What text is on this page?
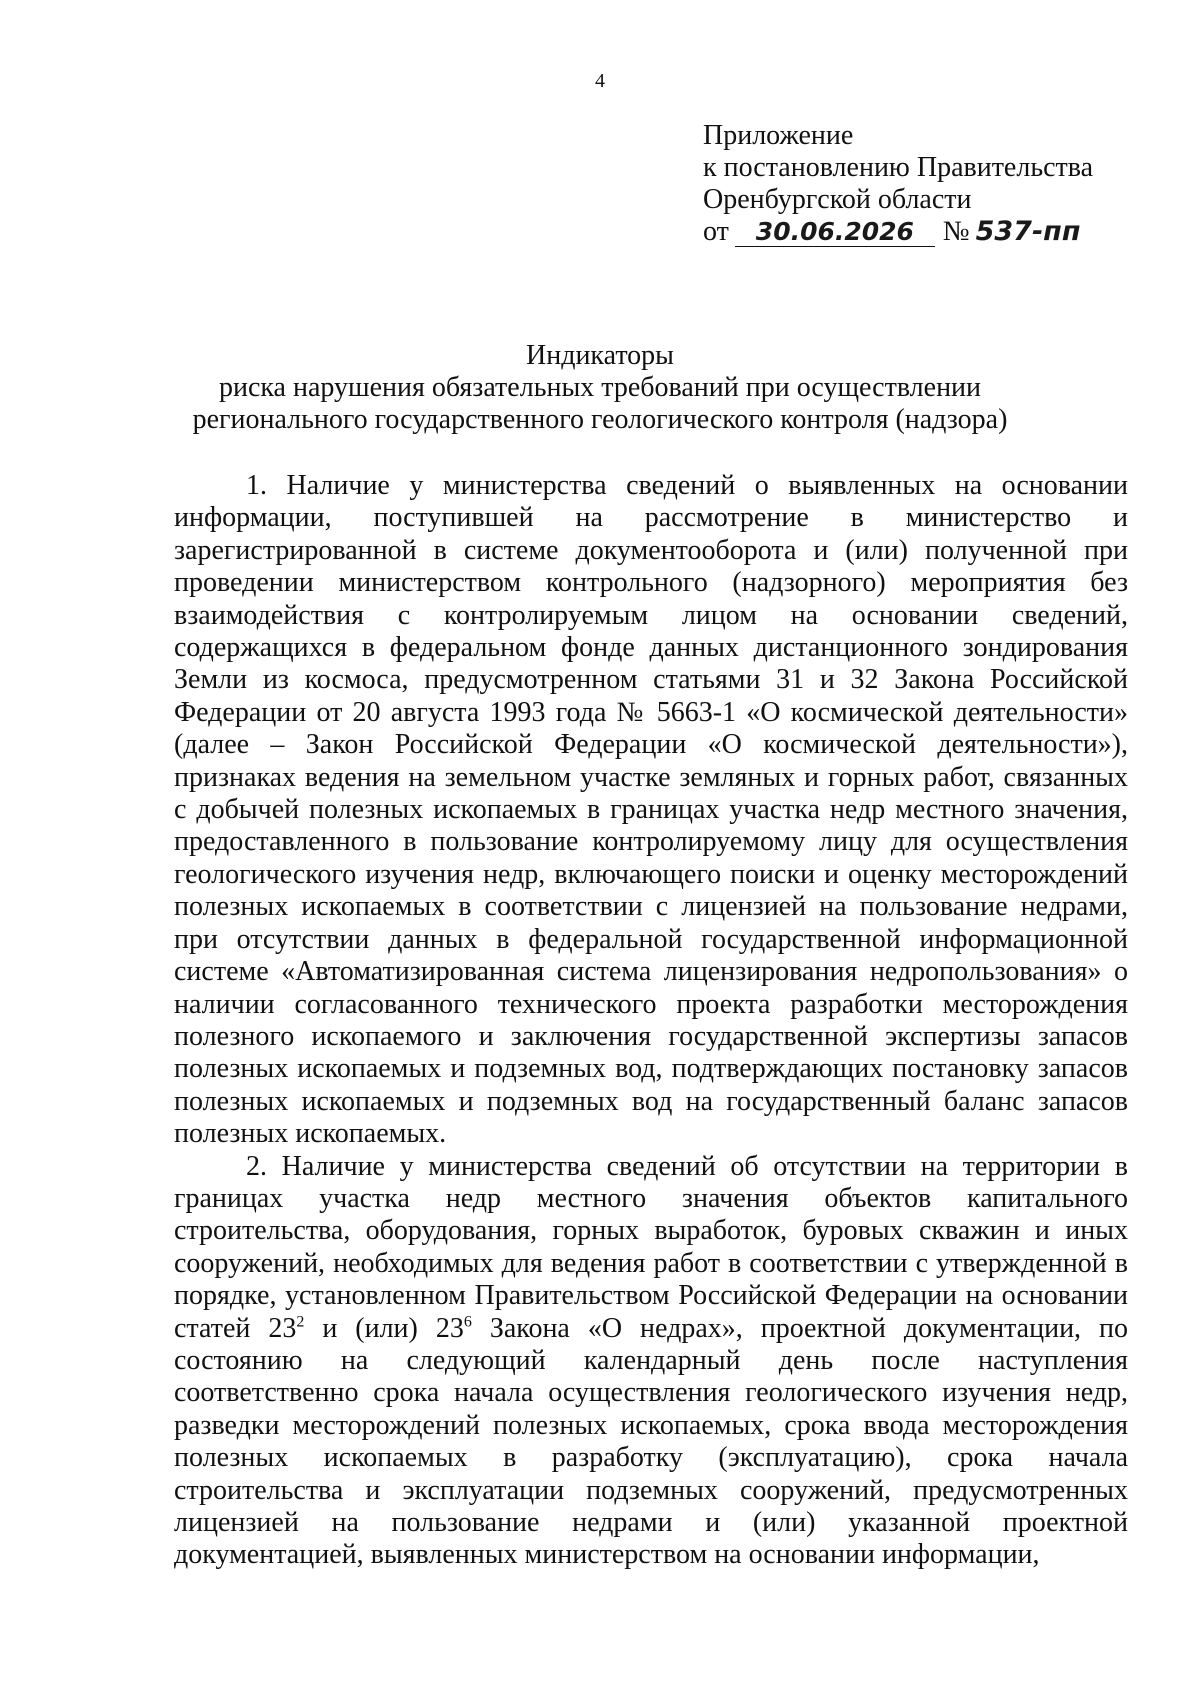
4
Приложение
к постановлению Правительства
Оренбургской области
от 30.06.2026 № 537-пп
Индикаторы
риска нарушения обязательных требований при осуществлении
регионального государственного геологического контроля (надзора)

1. Наличие у министерства сведений о выявленных на основании информации, поступившей на рассмотрение в министерство и зарегистрированной в системе документооборота и (или) полученной при проведении министерством контрольного (надзорного) мероприятия без взаимодействия с контролируемым лицом на основании сведений, содержащихся в федеральном фонде данных дистанционного зондирования Земли из космоса, предусмотренном статьями 31 и 32 Закона Российской Федерации от 20 августа 1993 года № 5663-1 «О космической деятельности» (далее – Закон Российской Федерации «О космической деятельности»), признаках ведения на земельном участке земляных и горных работ, связанных с добычей полезных ископаемых в границах участка недр местного значения, предоставленного в пользование контролируемому лицу для осуществления геологического изучения недр, включающего поиски и оценку месторождений полезных ископаемых в соответствии с лицензией на пользование недрами, при отсутствии данных в федеральной государственной информационной системе «Автоматизированная система лицензирования недропользования» о наличии согласованного технического проекта разработки месторождения полезного ископаемого и заключения государственной экспертизы запасов полезных ископаемых и подземных вод, подтверждающих постановку запасов полезных ископаемых и подземных вод на государственный баланс запасов полезных ископаемых.

2. Наличие у министерства сведений об отсутствии на территории в границах участка недр местного значения объектов капитального строительства, оборудования, горных выработок, буровых скважин и иных сооружений, необходимых для ведения работ в соответствии с утвержденной в порядке, установленном Правительством Российской Федерации на основании статей $23^2$ и (или) $23^6$ Закона «О недрах», проектной документации, по состоянию на следующий календарный день после наступления соответственно срока начала осуществления геологического изучения недр, разведки месторождений полезных ископаемых, срока ввода месторождения полезных ископаемых в разработку (эксплуатацию), срока начала строительства и эксплуатации подземных сооружений, предусмотренных лицензией на пользование недрами и (или) указанной проектной документацией, выявленных министерством на основании информации,
